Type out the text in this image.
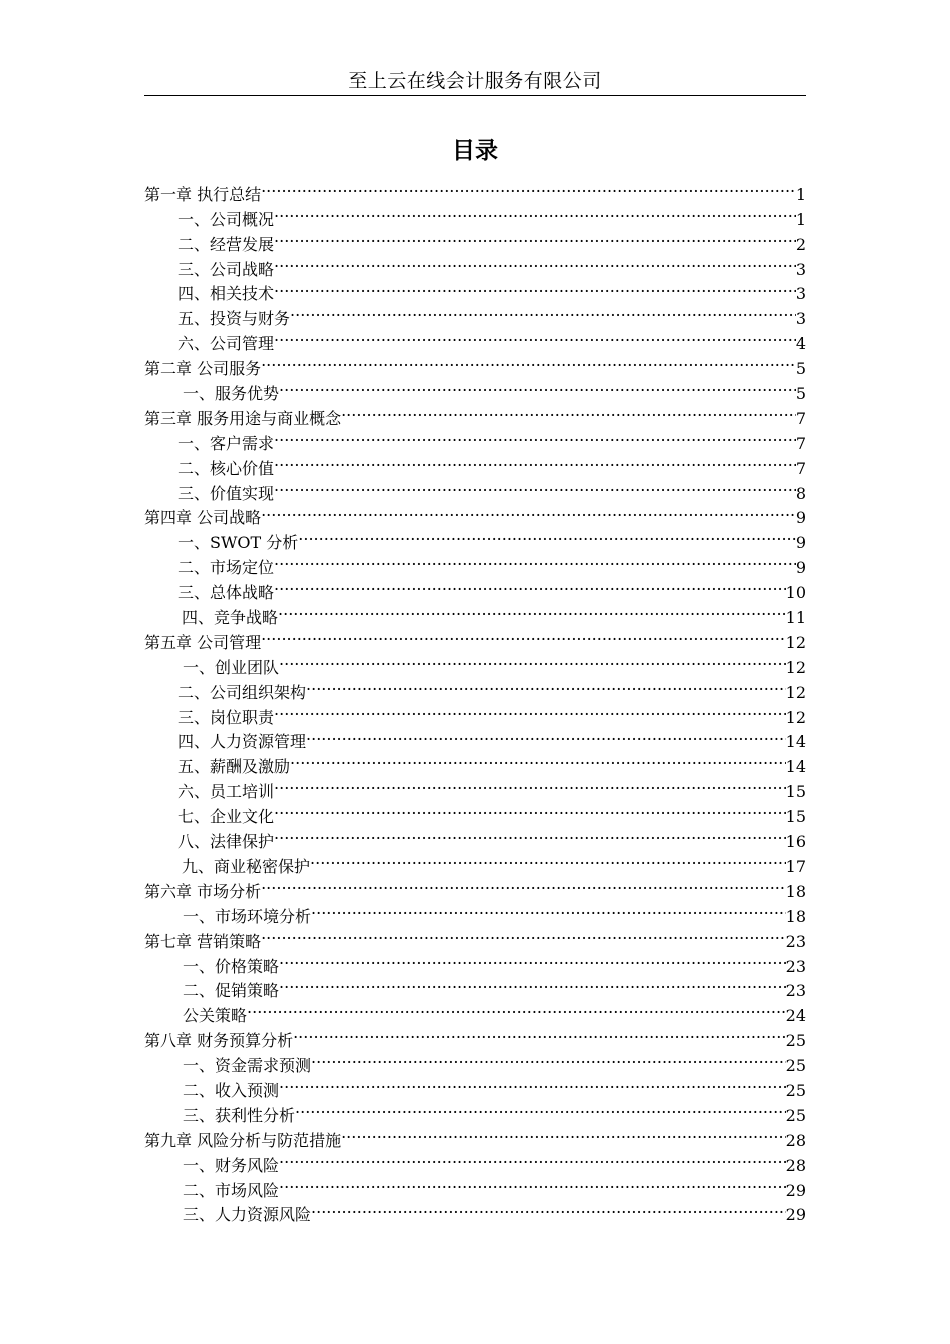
至上云在线会计服务有限公司
目录
第一章 执行总结 .....	1
一、公司概况 .....	1
二、经营发展 .....	2
三、公司战略 .....	3
四、相关技术 .....	3
五、投资与财务 .....	3
六、公司管理 .....	4
第二章 公司服务 .....	5
一、服务优势 .....	5
第三章 服务用途与商业概念 .....	7
一、客户需求 .....	7
二、核心价值 .....	7
三、价值实现 .....	8
第四章 公司战略 .....	9
一、SWOT 分析 .....	9
二、市场定位 .....	9
三、总体战略 .....	10
四、竞争战略 .....	11
第五章 公司管理 .....	12
一、创业团队 .....	12
二、公司组织架构 .....	12
三、岗位职责 .....	12
四、人力资源管理 .....	14
五、薪酬及激励 .....	14
六、员工培训 .....	15
七、企业文化 .....	15
八、法律保护 .....	16
九、商业秘密保护 .....	17
第六章 市场分析 .....	18
一、市场环境分析 .....	18
第七章 营销策略 .....	23
一、价格策略 .....	23
二、促销策略 .....	23
公关策略 .....	24
第八章 财务预算分析 .....	25
一、资金需求预测 .....	25
二、收入预测 .....	25
三、获利性分析 .....	25
第九章 风险分析与防范措施 .....	28
一、财务风险 .....	28
二、市场风险 .....	29
三、人力资源风险 .....	29
